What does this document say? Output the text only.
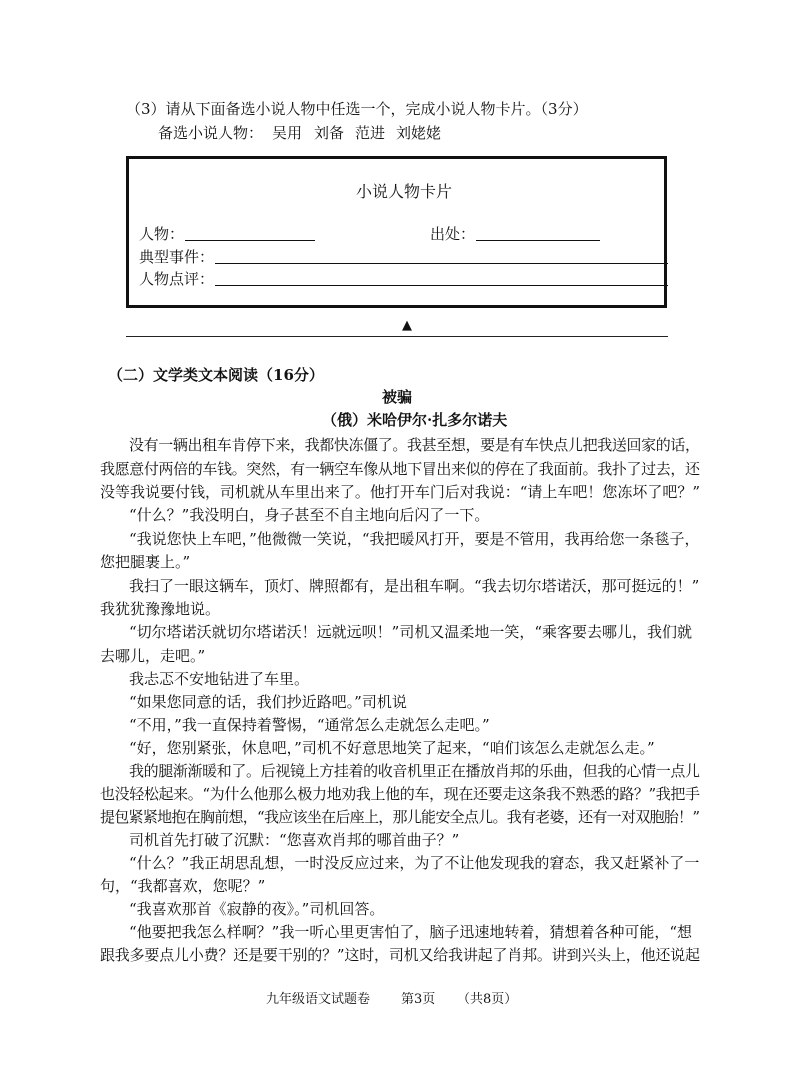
（3）请从下面备选小说人物中任选一个，完成小说人物卡片。（3分）
备选小说人物： 吴用 刘备 范进 刘姥姥
小说人物卡片
人物：	出处：
典型事件：
人物点评：
▲
（二）文学类文本阅读（16分）
被骗
（俄）米哈伊尔·扎多尔诺夫
没有一辆出租车肯停下来，我都快冻僵了。我甚至想，要是有车快点儿把我送回家的话，
我愿意付两倍的车钱。突然，有一辆空车像从地下冒出来似的停在了我面前。我扑了过去，还
没等我说要付钱，司机就从车里出来了。他打开车门后对我说：“请上车吧！您冻坏了吧？”
“什么？”我没明白，身子甚至不自主地向后闪了一下。
“我说您快上车吧，”他微微一笑说，“我把暖风打开，要是不管用，我再给您一条毯子，
您把腿裹上。”
我扫了一眼这辆车，顶灯、牌照都有，是出租车啊。“我去切尔塔诺沃，那可挺远的！”
我犹犹豫豫地说。
“切尔塔诺沃就切尔塔诺沃！远就远呗！”司机又温柔地一笑，“乘客要去哪儿，我们就
去哪儿，走吧。”
我忐忑不安地钻进了车里。
“如果您同意的话，我们抄近路吧。”司机说
“不用，”我一直保持着警惕，“通常怎么走就怎么走吧。”
“好，您别紧张，休息吧，”司机不好意思地笑了起来，“咱们该怎么走就怎么走。”
我的腿渐渐暖和了。后视镜上方挂着的收音机里正在播放肖邦的乐曲，但我的心情一点儿
也没轻松起来。“为什么他那么极力地劝我上他的车，现在还要走这条我不熟悉的路？”我把手
提包紧紧地抱在胸前想，“我应该坐在后座上，那儿能安全点儿。我有老婆，还有一对双胞胎！”
司机首先打破了沉默：“您喜欢肖邦的哪首曲子？”
“什么？”我正胡思乱想，一时没反应过来，为了不让他发现我的窘态，我又赶紧补了一
句，“我都喜欢，您呢？”
“我喜欢那首《寂静的夜》。”司机回答。
“他要把我怎么样啊？”我一听心里更害怕了，脑子迅速地转着，猜想着各种可能，“想
跟我多要点儿小费？还是要干别的？”这时，司机又给我讲起了肖邦。讲到兴头上，他还说起
九年级语文试题卷 第3页 （共8页）
